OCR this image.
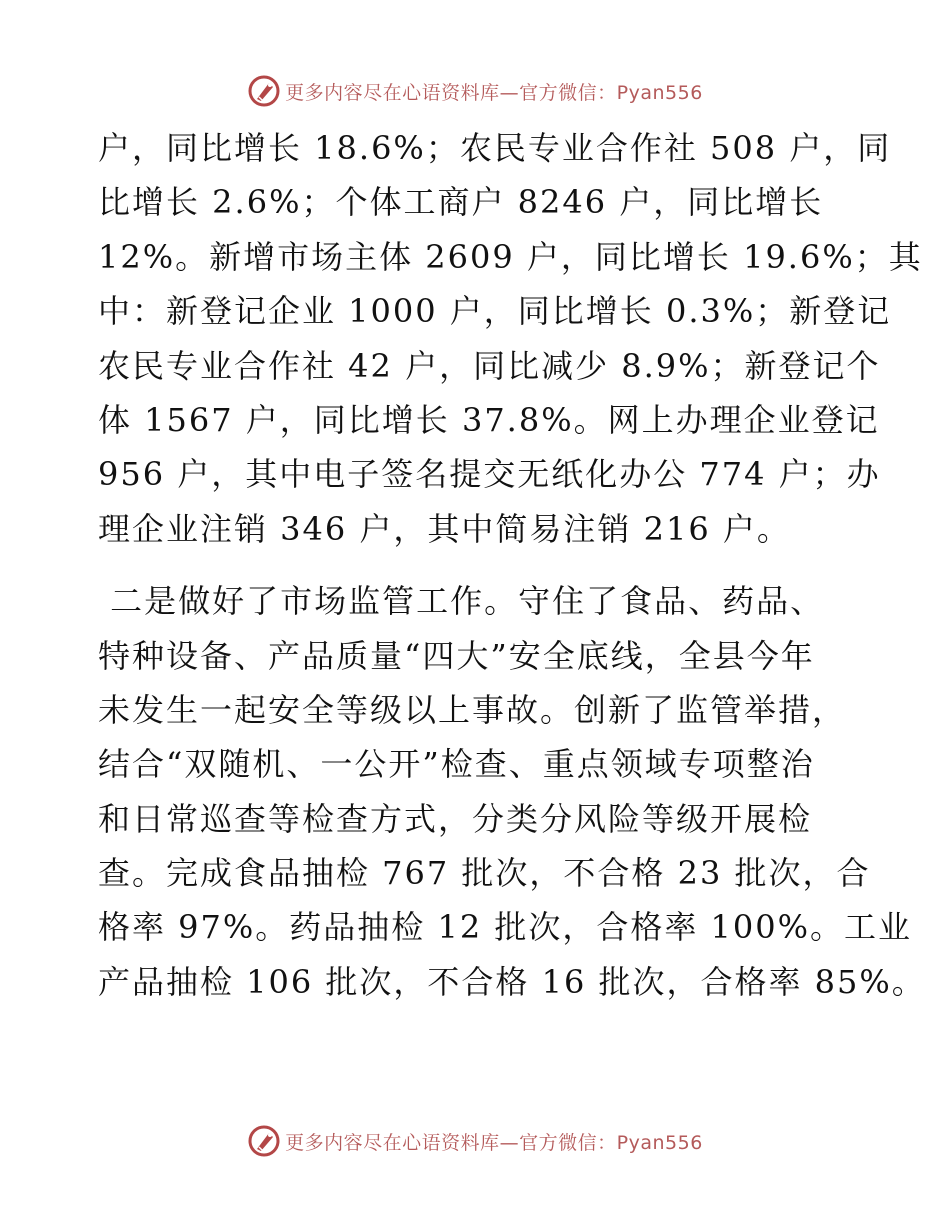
更多内容尽在心语资料库—官方微信：Pyan556
户，同比增长 18.6%；农民专业合作社 508 户，同
比增长 2.6%；个体工商户 8246 户，同比增长
12%。新增市场主体 2609 户，同比增长 19.6%；其
中：新登记企业 1000 户，同比增长 0.3%；新登记
农民专业合作社 42 户，同比减少 8.9%；新登记个
体 1567 户，同比增长 37.8%。网上办理企业登记
956 户，其中电子签名提交无纸化办公 774 户；办
理企业注销 346 户，其中简易注销 216 户。
二是做好了市场监管工作。守住了食品、药品、
特种设备、产品质量“四大”安全底线，全县今年
未发生一起安全等级以上事故。创新了监管举措，
结合“双随机、一公开”检查、重点领域专项整治
和日常巡查等检查方式，分类分风险等级开展检
查。完成食品抽检 767 批次，不合格 23 批次，合
格率 97%。药品抽检 12 批次，合格率 100%。工业
产品抽检 106 批次，不合格 16 批次，合格率 85%。
更多内容尽在心语资料库—官方微信：Pyan556
